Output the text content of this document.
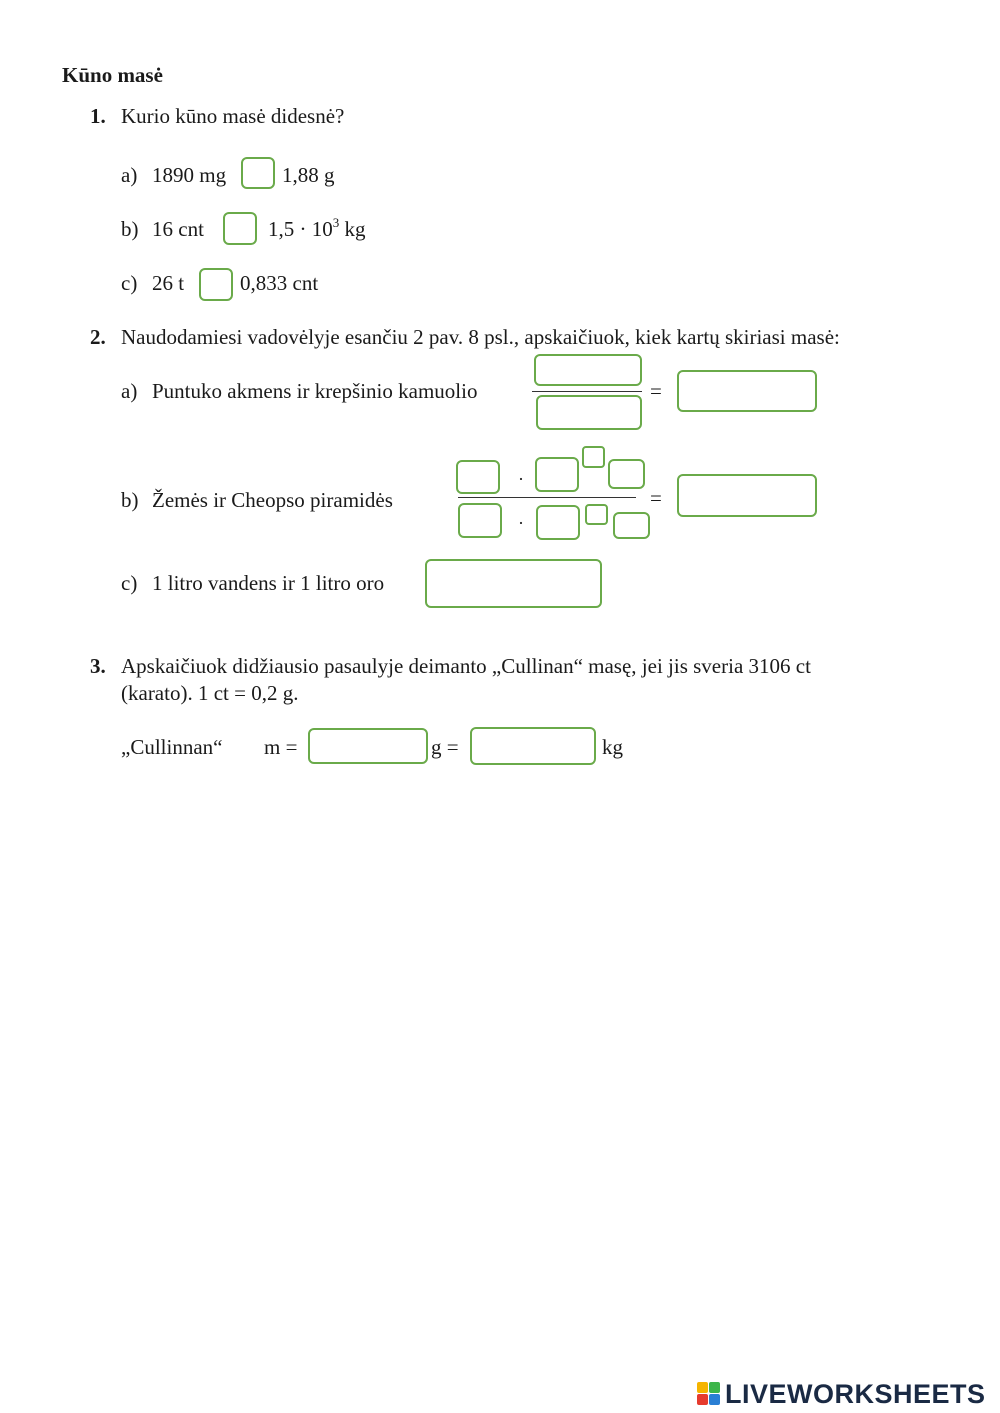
Kūno masė
1. Kurio kūno masė didesnė?
a) 1890 mg	1,88 g
b) 16 cnt	$1,5 \cdot 10^3$ kg
c) 26 t	0,833 cnt
2. Naudodamiesi vadovėlyje esančiu 2 pav. 8 psl., apskaičiuok, kiek kartų skiriasi masė:
a) Puntuko akmens ir krepšinio kamuolio	=
b) Žemės ir Cheopso piramidės
·
·
=
c) 1 litro vandens ir 1 litro oro
3. Apskaičiuok didžiausio pasaulyje deimanto „Cullinan“ masę, jei jis sveria 3106 ct
(karato). 1 ct = 0,2 g.
„Cullinnan“ m =	g =	kg
LIVEWORKSHEETS
